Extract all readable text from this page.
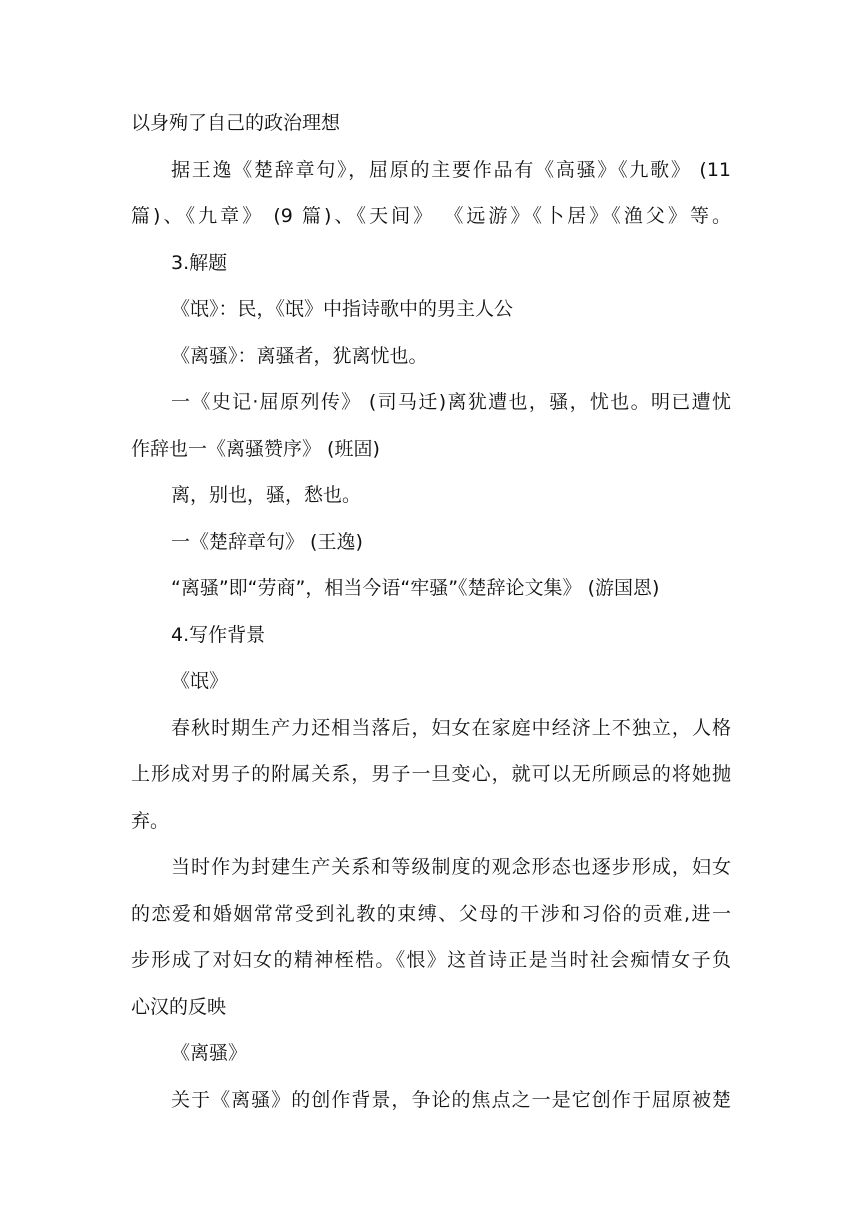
以身殉了自己的政治理想
据王逸《楚辞章句》，屈原的主要作品有《高骚》《九歌》 (11
篇)、《九章》 (9 篇)、《天间》 《远游》《卜居》《渔父》等。
3.解题
《氓》：民，《氓》中指诗歌中的男主人公
《离骚》：离骚者，犹离忧也。
一《史记·屈原列传》 (司马迁)离犹遭也，骚，忧也。明已遭忧
作辞也一《离骚赞序》 (班固)
离，别也，骚，愁也。
一《楚辞章句》 (王逸)
“离骚”即“劳商”，相当今语“牢骚”《楚辞论文集》 (游国恩)
4.写作背景
《氓》
春秋时期生产力还相当落后，妇女在家庭中经济上不独立，人格
上形成对男子的附属关系，男子一旦变心，就可以无所顾忌的将她抛
弃。
当时作为封建生产关系和等级制度的观念形态也逐步形成，妇女
的恋爱和婚姻常常受到礼教的束缚、父母的干涉和习俗的贡难,进一
步形成了对妇女的精神桎梏。《恨》这首诗正是当时社会痴情女子负
心汉的反映
《离骚》
关于《离骚》的创作背景，争论的焦点之一是它创作于屈原被楚
